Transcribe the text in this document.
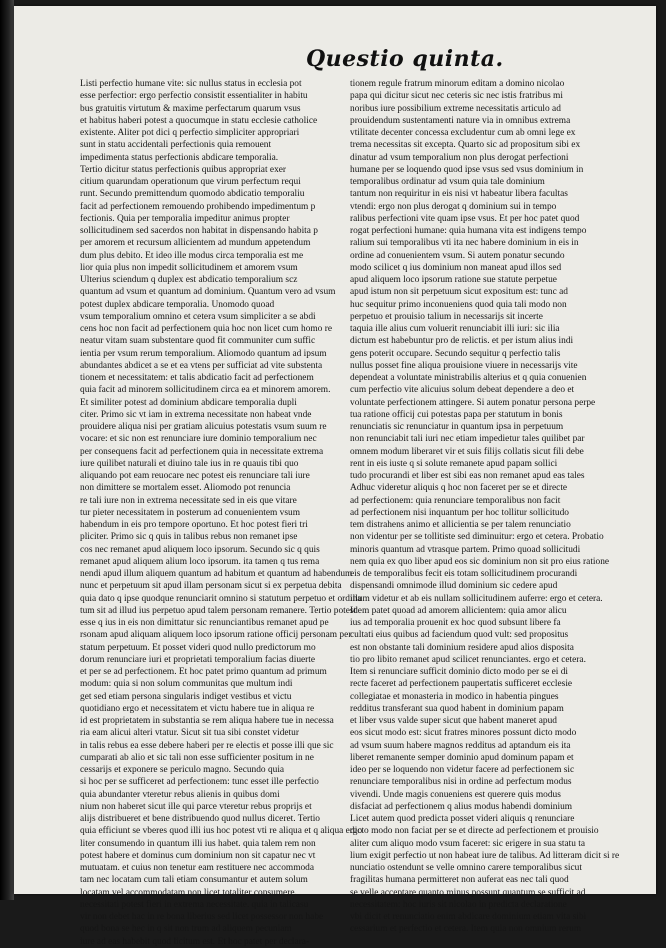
Questio quinta.
Listi perfectio humane vite: sic nullus status in ecclesia pot
esse perfectior: ergo perfectio consistit essentialiter in habitu
bus gratuitis virtutum & maxime perfectarum quarum vsus
et habitus haberi potest a quocumque in statu ecclesie catholice
existente. Aliter pot dici q perfectio simpliciter appropriari
sunt in statu accidentali perfectionis quia remouent
impedimenta status perfectionis abdicare temporalia.
Tertio dicitur status perfectionis quibus appropriat exer
citium quarundam operationum que virum perfectum requi
runt. Secundo premittendum quomodo abdicatio temporaliu
facit ad perfectionem remouendo prohibendo impedimentum p
fectionis. Quia per temporalia impeditur animus propter
sollicitudinem sed sacerdos non habitat in dispensando habita p
per amorem et recursum allicientem ad mundum appetendum
dum plus debito. Et ideo ille modus circa temporalia est me
lior quia plus non impedit sollicitudinem et amorem vsum
Ulterius sciendum q duplex est abdicatio temporalium scz
quantum ad vsum et quantum ad dominium. Quantum vero ad vsum
potest duplex abdicare temporalia. Unomodo quoad
vsum temporalium omnino et cetera vsum simpliciter a se abdi
cens hoc non facit ad perfectionem quia hoc non licet cum homo re
neatur vitam suam substentare quod fit communiter cum suffic
ientia per vsum rerum temporalium. Aliomodo quantum ad ipsum
abundantes abdicet a se et ea vtens per sufficiat ad vite substenta
tionem et necessitatem: et talis abdicatio facit ad perfectionem
quia facit ad minorem sollicitudinem circa ea et minorem amorem.
Et similiter potest ad dominium abdicare temporalia dupli
citer. Primo sic vt iam in extrema necessitate non habeat vnde
prouidere aliqua nisi per gratiam alicuius potestatis vsum suum re
vocare: et sic non est renunciare iure dominio temporalium nec
per consequens facit ad perfectionem quia in necessitate extrema
iure quilibet naturali et diuino tale ius in re quauis tibi quo
aliquando pot eam reuocare nec potest eis renunciare tali iure
non dimittere se mortalem esset. Aliomodo pot renuncia
re tali iure non in extrema necessitate sed in eis que vitare
tur pieter necessitatem in posterum ad conuenientem vsum
habendum in eis pro tempore oportuno. Et hoc potest fieri tri
pliciter. Primo sic q quis in talibus rebus non remanet ipse
cos nec remanet apud aliquem loco ipsorum. Secundo sic q quis
remanet apud aliquem alium loco ipsorum. ita tamen q tus rema
nendi apud illum aliquem quantum ad habitum et quantum ad habendum
nunc et perpetuum sit apud illam personam sicut si ex perpetua debita
quia dato q ipse quodque renunciarit omnino si statutum perpetuo et ordina
tum sit ad illud ius perpetuo apud talem personam remanere. Tertio potest
esse q ius in eis non dimittatur sic renunciantibus remanet apud pe
rsonam apud aliquam aliquem loco ipsorum ratione officij personam per
statum perpetuum. Et posset videri quod nullo predictorum mo
dorum renunciare iuri et proprietati temporalium facias diuerte
et per se ad perfectionem. Et hoc patet primo quantum ad primum
modum: quia si non solum communitas que multum indi
get sed etiam persona singularis indiget vestibus et victu
quotidiano ergo et necessitatem et victu habere tue in aliqua re
id est proprietatem in substantia se rem aliqua habere tue in necessa
ria eam alicui alteri vtatur. Sicut sit tua sibi constet videtur
in talis rebus ea esse debere haberi per re electis et posse illi que sic
cumparati ab alio et sic tali non esse sufficienter positum in ne
cessarijs et exponere se periculo magno. Secundo quia
si hoc per se sufficeret ad perfectionem: tunc esset ille perfectio
quia abundanter vteretur rebus alienis in quibus domi
nium non haberet sicut ille qui parce vteretur rebus proprijs et
alijs distribueret et bene distribuendo quod nullus diceret. Tertio
quia efficiunt se vberes quod illi ius hoc potest vti re aliqua et q aliqua ergo
liter consumendo in quantum illi ius habet. quia talem rem non
potest habere et dominus cum dominium non sit capatur nec vt
mutuatam. et cuius non tenetur eam restituere nec accommoda
tam nec locatam cum tali etiam consumantur et autem solum
locatam vel accommodatam non licet totaliter consumere.
necessitati potest fieri in extrema necessitate. quia in talicasu
vir non debet hac in re bona liberius sed licet possessor non habe
quod bona se hec in q sit non trum ad aliquem pecuniam
iure ad eas habebit quod licitum est. Et hoc patet per declara-
tionem regule fratrum minorum editam a domino nicolao
papa qui dicitur sicut nec ceteris sic nec istis fratribus mi
noribus iure possibilium extreme necessitatis articulo ad
prouidendum sustentamenti nature via in omnibus extrema
vtilitate decenter concessa excludentur cum ab omni lege ex
trema necessitas sit excepta. Quarto sic ad propositum sibi ex
dinatur ad vsum temporalium non plus derogat perfectioni
humane per se loquendo quod ipse vsus sed vsus dominium in
temporalibus ordinatur ad vsum quia tale dominium
tantum non requiritur in eis nisi vt habeatur libera facultas
vtendi: ergo non plus derogat q dominium sui in tempo
ralibus perfectioni vite quam ipse vsus. Et per hoc patet quod
rogat perfectioni humane: quia humana vita est indigens tempo
ralium sui temporalibus vti ita nec habere dominium in eis in
ordine ad conuenientem vsum. Si autem ponatur secundo
modo scilicet q ius dominium non maneat apud illos sed
apud aliquem loco ipsorum ratione sue statute perpetue
apud istum non sit perpetuum sicut expositum est: tunc ad
huc sequitur primo inconueniens quod quia tali modo non
perpetuo et prouisio talium in necessarijs sit incerte
taquia ille alius cum voluerit renunciabit illi iuri: sic ilia
dictum est habebuntur pro de relictis. et per istum alius indi
gens poterit occupare. Secundo sequitur q perfectio talis
nullus posset fine aliqua prouisione viuere in necessarijs vite
dependeat a voluntate ministrabilis alterius et q quia conuenien
cum perfectio vite alicuius solum debeat dependere a deo et
voluntate perfectionem attingere. Si autem ponatur persona perpe
tua ratione officij cui potestas papa per statutum in bonis
renunciatis sic renunciatur in quantum ipsa in perpetuum
non renunciabit tali iuri nec etiam impedietur tales quilibet par
omnem modum liberaret vir et suis filijs collatis sicut fili debe
rent in eis iuste q si solute remanete apud papam sollici
tudo procurandi et liber est sibi eas non remanet apud eas tales
Adhuc videretur aliquis q hoc non faceret per se et directe
ad perfectionem: quia renunciare temporalibus non facit
ad perfectionem nisi inquantum per hoc tollitur sollicitudo
tem distrahens animo et allicientia se per talem renunciatio
non videntur per se tollitiste sed diminuitur: ergo et cetera. Probatio
minoris quantum ad vtrasque partem. Primo quoad sollicitudi
nem quia ex quo liber apud eos sic dominium non sit pro eius ratione
eis de temporalibus fecit eis totam sollicitudinem procurandi
dispensandi omnimode illud dominium sic cedere apud
illum videtur et ab eis nullam sollicitudinem auferre: ergo et cetera.
Idem patet quoad ad amorem allicientem: quia amor alicu
ius ad temporalia prouenit ex hoc quod subsunt libere fa
cultati eius quibus ad faciendum quod vult: sed propositus
est non obstante tali dominium residere apud alios disposita
tio pro libito remanet apud scilicet renunciantes. ergo et cetera.
Item si renunciare sufficit dominio dicto modo per se ei di
recte faceret ad perfectionem paupertatis sufficeret ecclesie
collegiatae et monasteria in modico in habentia pingues
redditus transferant sua quod habent in dominium papam
et liber vsus valde super sicut que habent maneret apud
eos sicut modo est: sicut fratres minores possunt dicto modo
ad vsum suum habere magnos redditus ad aptandum eis ita
liberet remanente semper dominio apud dominum papam et
ideo per se loquendo non videtur facere ad perfectionem sic
renunciare temporalibus nisi in ordine ad perfectum modus
vivendi. Unde magis conueniens est querere quis modus
disfaciat ad perfectionem q alius modus habendi dominium
Licet autem quod predicta posset videri aliquis q renunciare
dicto modo non faciat per se et directe ad perfectionem et prouisio
aliter cum aliquo modo vsum faceret: sic erigere in sua statu ta
lium exigit perfectio ut non habeat iure de talibus. Ad litteram dicit si re
nunciatio ostendunt se velle omnino carere temporalibus sicut
fragilitas humana permitteret non auferat eas nec tali quod
se velle acceptare quanto minus possunt quantum se sufficit ad
necessitatem: hoc iuris sit nicolao in predicta declaratione
vbi dicit et renunciatio enim abdicare dominium etiam vita sibi
cessarium et perfectio et cetera. Item quia non omnium rerum
